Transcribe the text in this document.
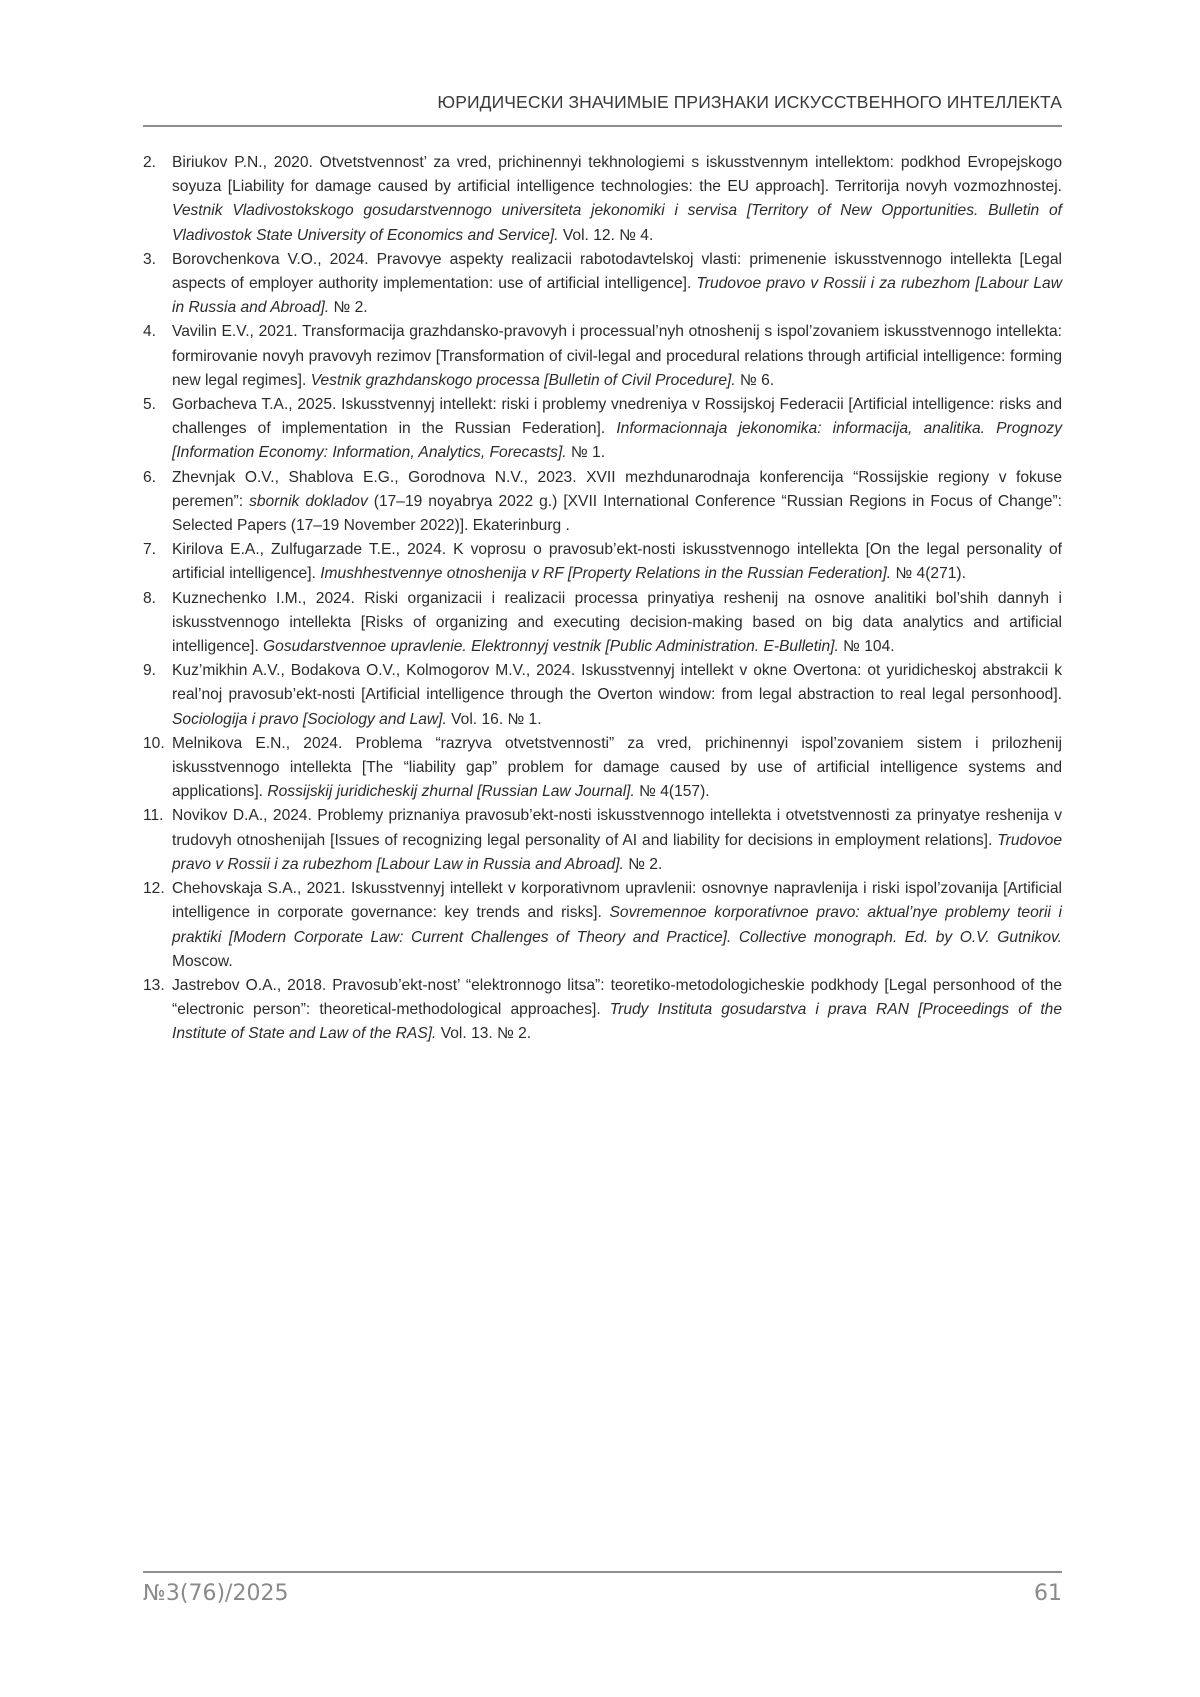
ЮРИДИЧЕСКИ ЗНАЧИМЫЕ ПРИЗНАКИ ИСКУССТВЕННОГО ИНТЕЛЛЕКТА
2. Biriukov P.N., 2020. Otvetstvennost’ za vred, prichinennyi tekhnologiemi s iskusstvennym intellektom: podkhod Evropejskogo soyuza [Liability for damage caused by artificial intelligence technologies: the EU approach]. Territorija novyh vozmozhnostej. Vestnik Vladivostokskogo gosudarstvennogo universiteta jekonomiki i servisa [Territory of New Opportunities. Bulletin of Vladivostok State University of Economics and Service]. Vol. 12. № 4.
3. Borovchenkova V.O., 2024. Pravovye aspekty realizacii rabotodavtelskoj vlasti: primenenie iskusstvennogo intellekta [Legal aspects of employer authority implementation: use of artificial intelligence]. Trudovoe pravo v Rossii i za rubezhom [Labour Law in Russia and Abroad]. № 2.
4. Vavilin E.V., 2021. Transformacija grazhdansko-pravovyh i processual’nyh otnoshenij s ispol’zovaniem iskusstvennogo intellekta: formirovanie novyh pravovyh rezimov [Transformation of civil-legal and procedural relations through artificial intelligence: forming new legal regimes]. Vestnik grazhdanskogo processa [Bulletin of Civil Procedure]. № 6.
5. Gorbacheva T.A., 2025. Iskusstvennyj intellekt: riski i problemy vnedreniya v Rossijskoj Federacii [Artificial intelligence: risks and challenges of implementation in the Russian Federation]. Informacionnaja jekonomika: informacija, analitika. Prognozy [Information Economy: Information, Analytics, Forecasts]. № 1.
6. Zhevnjak O.V., Shablova E.G., Gorodnova N.V., 2023. XVII mezhdunarodnaja konferencija “Rossijskie regiony v fokuse peremen”: sbornik dokladov (17–19 noyabrya 2022 g.) [XVII International Conference “Russian Regions in Focus of Change”: Selected Papers (17–19 November 2022)]. Ekaterinburg .
7. Kirilova E.A., Zulfugarzade T.E., 2024. K voprosu o pravosub’ekt-nosti iskusstvennogo intellekta [On the legal personality of artificial intelligence]. Imushhestvennye otnoshenija v RF [Property Relations in the Russian Federation]. № 4(271).
8. Kuznechenko I.M., 2024. Riski organizacii i realizacii processa prinyatiya reshenij na osnove analitiki bol’shih dannyh i iskusstvennogo intellekta [Risks of organizing and executing decision-making based on big data analytics and artificial intelligence]. Gosudarstvennoe upravlenie. Elektronnyj vestnik [Public Administration. E-Bulletin]. № 104.
9. Kuz’mikhin A.V., Bodakova O.V., Kolmogorov M.V., 2024. Iskusstvennyj intellekt v okne Overtona: ot yuridicheskoj abstrakcii k real’noj pravosub’ekt-nosti [Artificial intelligence through the Overton window: from legal abstraction to real legal personhood]. Sociologija i pravo [Sociology and Law]. Vol. 16. № 1.
10. Melnikova E.N., 2024. Problema “razryva otvetstvennosti” za vred, prichinennyi ispol’zovaniem sistem i prilozhenij iskusstvennogo intellekta [The “liability gap” problem for damage caused by use of artificial intelligence systems and applications]. Rossijskij juridicheskij zhurnal [Russian Law Journal]. № 4(157).
11. Novikov D.A., 2024. Problemy priznaniya pravosub’ekt-nosti iskusstvennogo intellekta i otvetstvennosti za prinyatye reshenija v trudovyh otnoshenijah [Issues of recognizing legal personality of AI and liability for decisions in employment relations]. Trudovoe pravo v Rossii i za rubezhom [Labour Law in Russia and Abroad]. № 2.
12. Chehovskaja S.A., 2021. Iskusstvennyj intellekt v korporativnom upravlenii: osnovnye napravlenija i riski ispol’zovanija [Artificial intelligence in corporate governance: key trends and risks]. Sovremennoe korporativnoe pravo: aktual’nye problemy teorii i praktiki [Modern Corporate Law: Current Challenges of Theory and Practice]. Collective monograph. Ed. by O.V. Gutnikov. Moscow.
13. Jastrebov O.A., 2018. Pravosub’ekt-nost’ “elektronnogo litsa”: teoretiko-metodologicheskie podkhody [Legal personhood of the “electronic person”: theoretical-methodological approaches]. Trudy Instituta gosudarstva i prava RAN [Proceedings of the Institute of State and Law of the RAS]. Vol. 13. № 2.
№3(76)/2025	61
